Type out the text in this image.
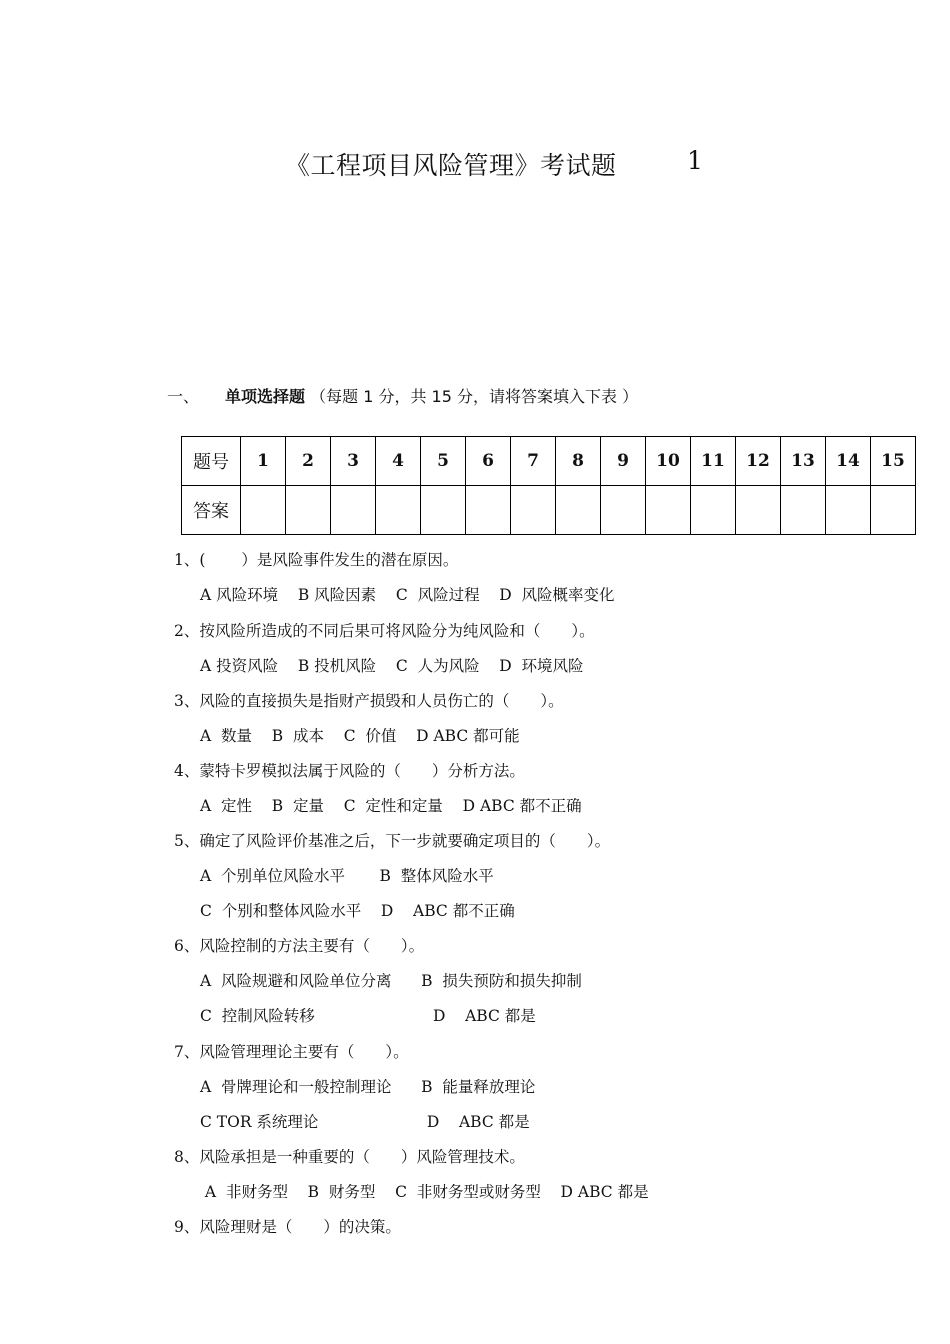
《工程项目风险管理》考试题	1
一、 单项选择题 （每题 1 分，共 15 分，请将答案填入下表 ）
题号	1	2	3	4	5	6	7	8	9	10	11	12	13	14	15
答案															
1、(　　 ）是风险事件发生的潜在原因。
A 风险环境    B 风险因素    C  风险过程    D  风险概率变化
2、按风险所造成的不同后果可将风险分为纯风险和（　　）。
A 投资风险    B 投机风险    C  人为风险    D  环境风险
3、风险的直接损失是指财产损毁和人员伤亡的（　　）。
A  数量    B  成本    C  价值    D ABC 都可能
4、蒙特卡罗模拟法属于风险的（　　）分析方法。
A  定性    B  定量    C  定性和定量    D ABC 都不正确
5、确定了风险评价基准之后，下一步就要确定项目的（　　）。
A  个别单位风险水平       B  整体风险水平
C  个别和整体风险水平    D    ABC 都不正确
6、风险控制的方法主要有（　　）。
A  风险规避和风险单位分离      B  损失预防和损失抑制
C  控制风险转移                        D    ABC 都是
7、风险管理理论主要有（　　）。
A  骨牌理论和一般控制理论      B  能量释放理论
C TOR 系统理论                      D    ABC 都是
8、风险承担是一种重要的（　　）风险管理技术。
A  非财务型    B  财务型    C  非财务型或财务型    D ABC 都是
9、风险理财是（　　）的决策。
